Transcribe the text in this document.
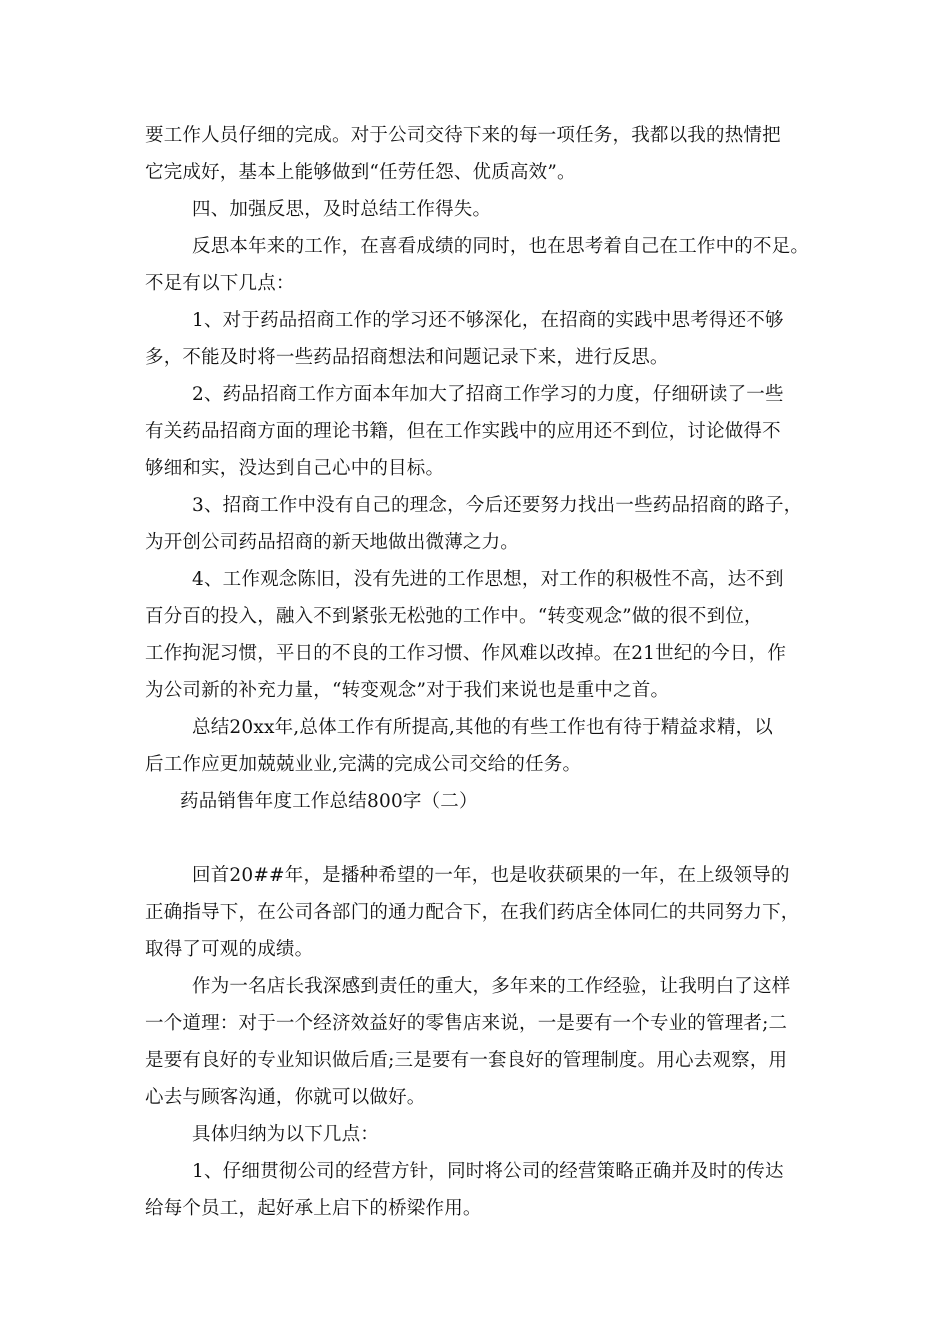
要工作人员仔细的完成。对于公司交待下来的每一项任务，我都以我的热情把
它完成好，基本上能够做到“任劳任怨、优质高效”。
四、加强反思，及时总结工作得失。
反思本年来的工作，在喜看成绩的同时，也在思考着自己在工作中的不足。
不足有以下几点：
1、对于药品招商工作的学习还不够深化，在招商的实践中思考得还不够
多，不能及时将一些药品招商想法和问题记录下来，进行反思。
2、药品招商工作方面本年加大了招商工作学习的力度，仔细研读了一些
有关药品招商方面的理论书籍，但在工作实践中的应用还不到位，讨论做得不
够细和实，没达到自己心中的目标。
3、招商工作中没有自己的理念，今后还要努力找出一些药品招商的路子，
为开创公司药品招商的新天地做出微薄之力。
4、工作观念陈旧，没有先进的工作思想，对工作的积极性不高，达不到
百分百的投入，融入不到紧张无松弛的工作中。“转变观念”做的很不到位，
工作拘泥习惯，平日的不良的工作习惯、作风难以改掉。在21世纪的今日，作
为公司新的补充力量，“转变观念”对于我们来说也是重中之首。
总结20xx年,总体工作有所提高,其他的有些工作也有待于精益求精，以
后工作应更加兢兢业业,完满的完成公司交给的任务。
药品销售年度工作总结800字（二）
回首20##年，是播种希望的一年，也是收获硕果的一年，在上级领导的
正确指导下，在公司各部门的通力配合下，在我们药店全体同仁的共同努力下，
取得了可观的成绩。
作为一名店长我深感到责任的重大，多年来的工作经验，让我明白了这样
一个道理：对于一个经济效益好的零售店来说，一是要有一个专业的管理者;二
是要有良好的专业知识做后盾;三是要有一套良好的管理制度。用心去观察，用
心去与顾客沟通，你就可以做好。
具体归纳为以下几点：
1、仔细贯彻公司的经营方针，同时将公司的经营策略正确并及时的传达
给每个员工，起好承上启下的桥梁作用。
